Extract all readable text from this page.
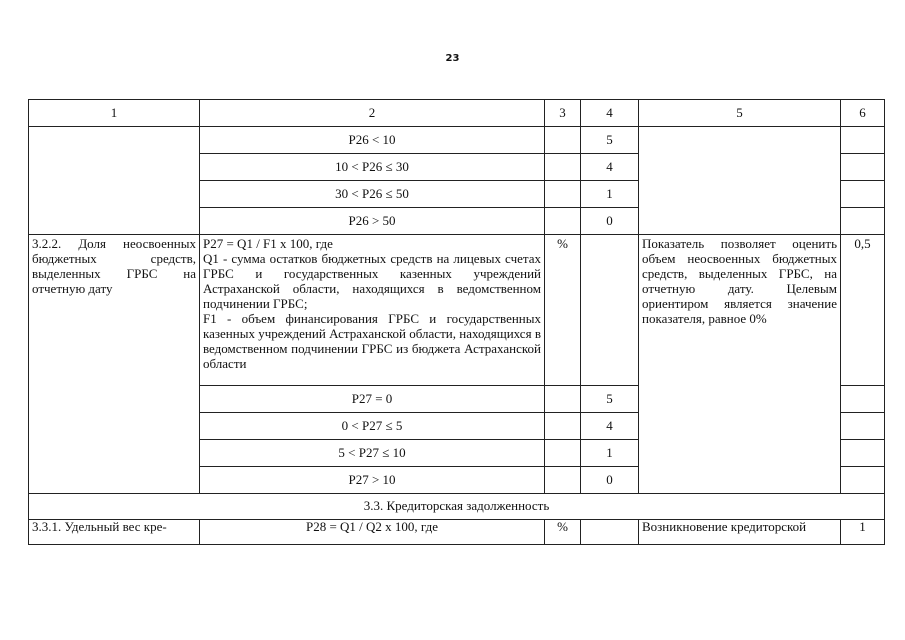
23
1	2	3	4	5	6
	Р26 < 10		5		
	10 < Р26 ≤ 30		4		
	30 < Р26 ≤ 50		1		
	Р26 > 50		0		
3.2.2. Доля неосвоенных бюджетных средств, выделенных ГРБС на отчетную дату	Р27 = Q1 / F1 х 100, где
Q1 - сумма остатков бюджетных средств на лицевых счетах ГРБС и государственных казенных учреждений Астраханской области, находящихся в ведомственном подчинении ГРБС;
F1 - объем финансирования ГРБС и государственных казенных учреждений Астраханской области, находящихся в ведомственном подчинении ГРБС из бюджета Астраханской области	%		Показатель позволяет оценить объем неосвоенных бюджетных средств, выделенных ГРБС, на отчетную дату. Целевым ориентиром является значение показателя, равное 0%	0,5
	Р27 = 0		5		
	0 < Р27 ≤ 5		4		
	5 < Р27 ≤ 10		1		
	Р27 > 10		0		
3.3. Кредиторская задолженность					
3.3.1. Удельный вес кре-	Р28 = Q1 / Q2 х 100, где	%		Возникновение кредиторской	1
